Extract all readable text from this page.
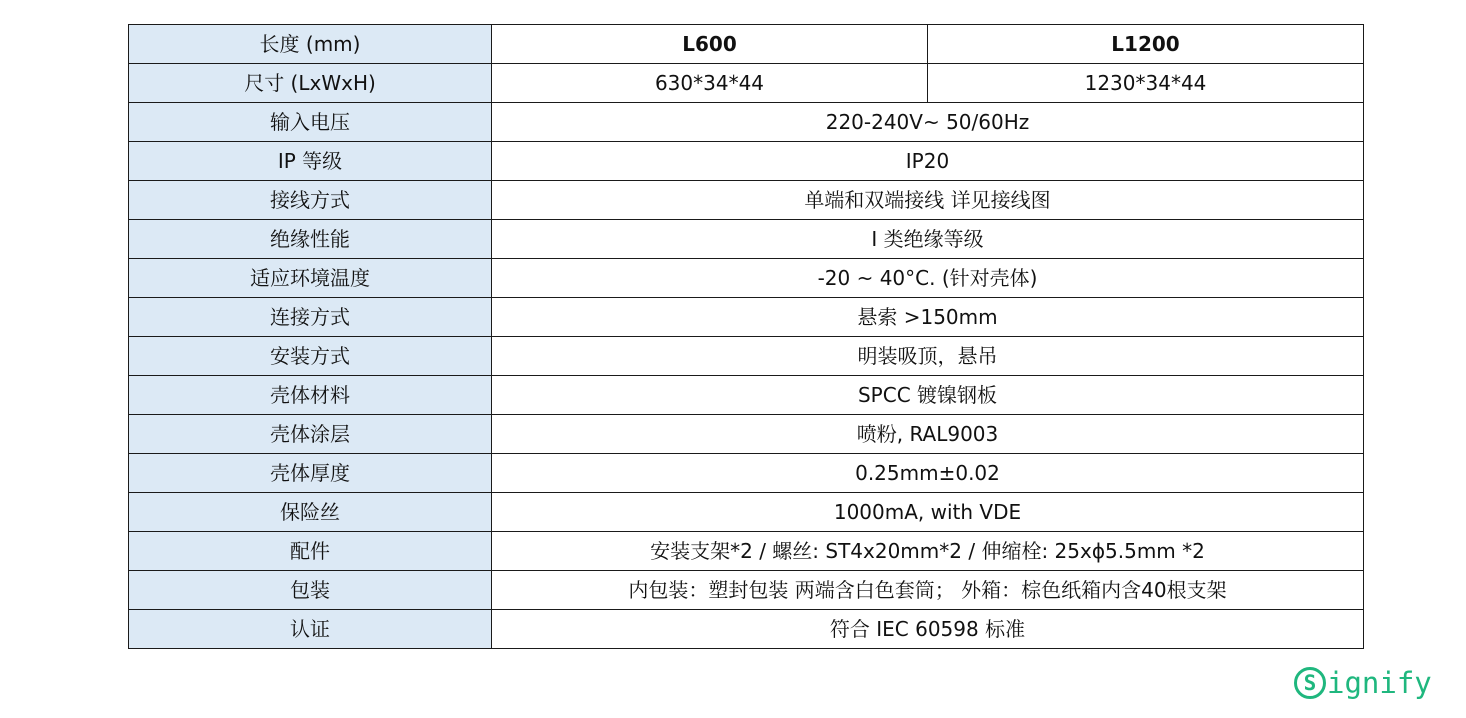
长度 (mm)	L600	L1200
尺寸 (LxWxH)	630*34*44	1230*34*44
输入电压	220-240V~ 50/60Hz	
IP 等级	IP20	
接线方式	单端和双端接线 详见接线图	
绝缘性能	I 类绝缘等级	
适应环境温度	-20 ~ 40°C. (针对壳体)	
连接方式	悬索 >150mm	
安装方式	明装吸顶，悬吊	
壳体材料	SPCC 镀镍钢板	
壳体涂层	喷粉, RAL9003	
壳体厚度	0.25mm±0.02	
保险丝	1000mA, with VDE	
配件	安装支架*2 / 螺丝: ST4x20mm*2 / 伸缩栓: 25xϕ5.5mm *2	
包装	内包装：塑封包装 两端含白色套筒； 外箱：棕色纸箱内含40根支架	
认证	符合 IEC 60598 标准	
S ignify
